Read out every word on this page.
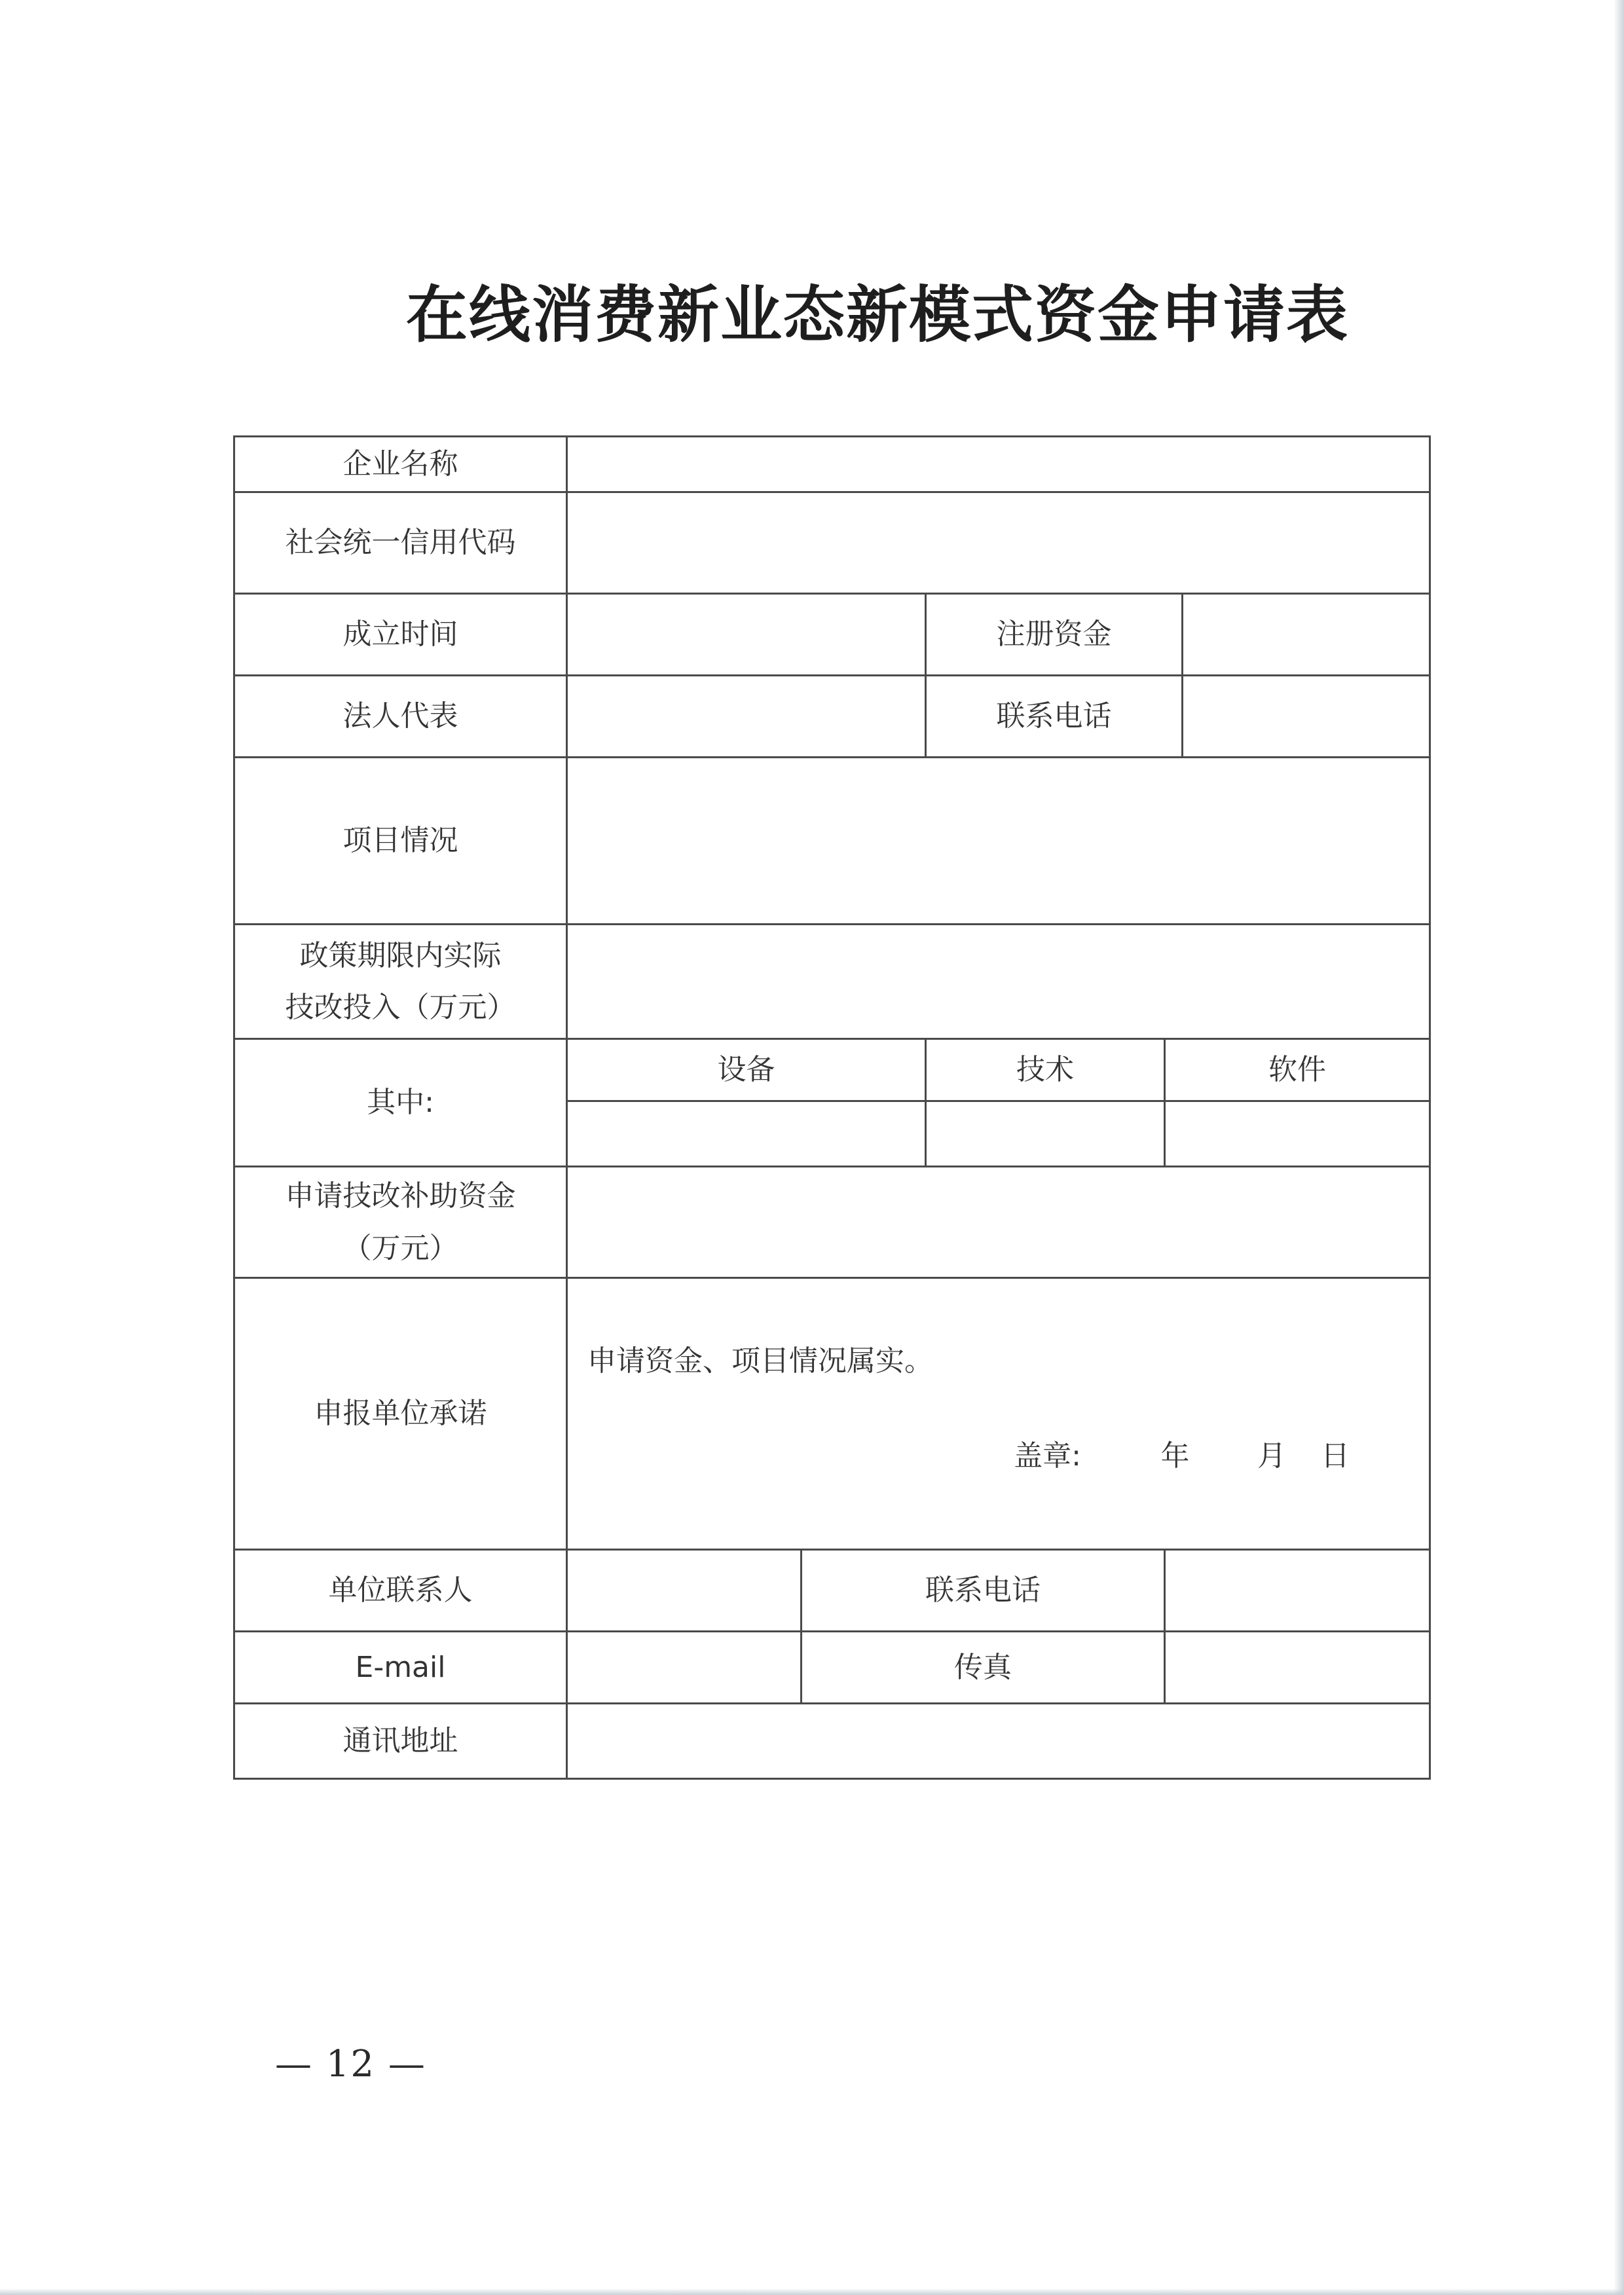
在线消费新业态新模式资金申请表
企业名称					
社会统一信用代码					
成立时间			注册资金		
法人代表			联系电话		
项目情况					

政策期限内实际
技改投入（万元）					

其中:	设备		技术	软件	

申请技改补助资金
（万元）					

申报单位承诺	申请资金、项目情况属实。
盖章: 年 月 日				

单位联系人		联系电话			
E-mail		传真			
通讯地址					
— 12 —
